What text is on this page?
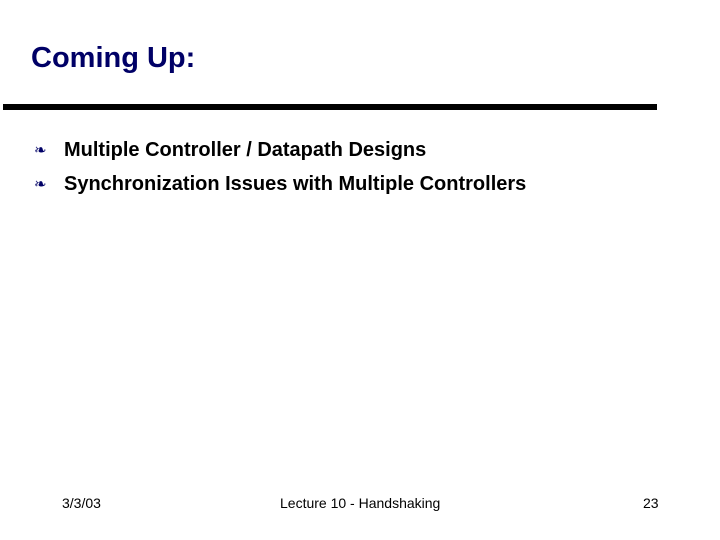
Coming Up:
❧ Multiple Controller / Datapath Designs
❧ Synchronization Issues with Multiple Controllers
3/3/03	Lecture 10 - Handshaking	23
